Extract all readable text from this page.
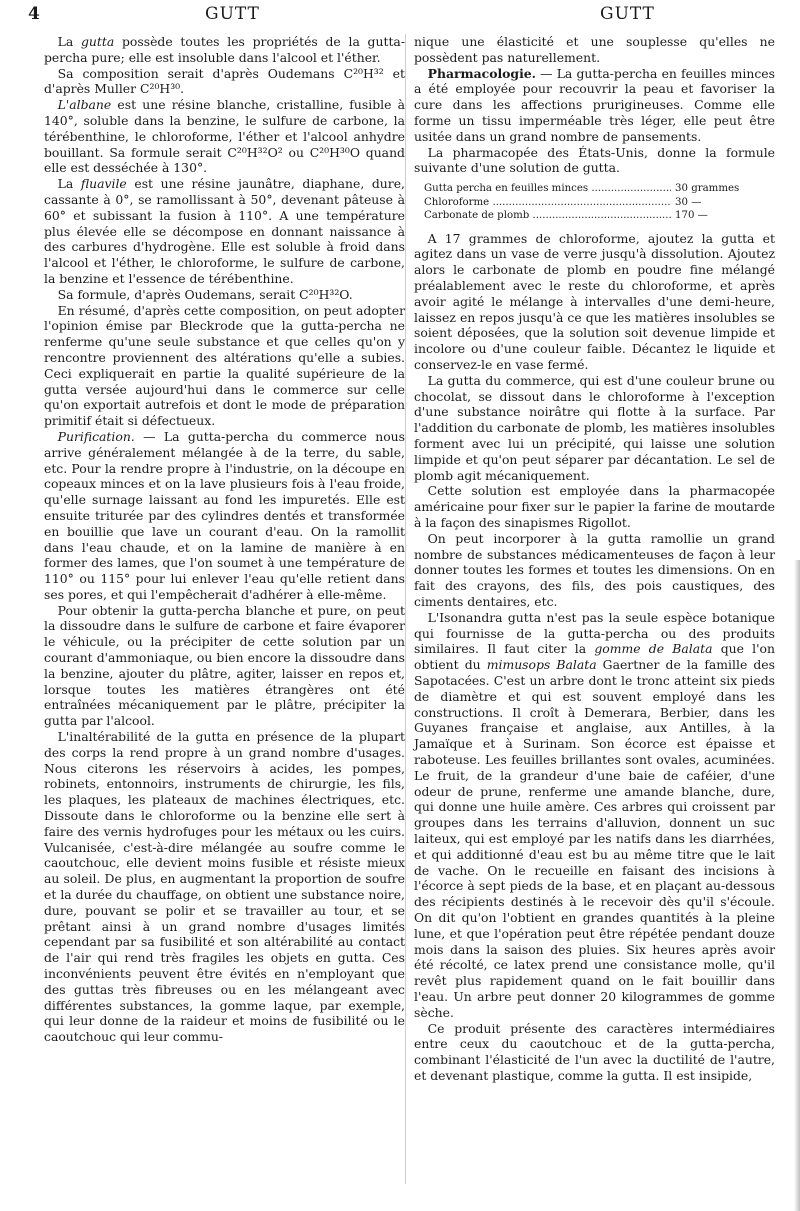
4	GUTT	GUTT

La gutta possède toutes les propriétés de la gutta-percha pure; elle est insoluble dans l'alcool et l'éther.

Sa composition serait d'après Oudemans C²⁰H³² et d'après Muller C²⁰H³⁰.

L'albane est une résine blanche, cristalline, fusible à 140°, soluble dans la benzine, le sulfure de carbone, la térébenthine, le chloroforme, l'éther et l'alcool anhydre bouillant. Sa formule serait C²⁰H³²O² ou C²⁰H³⁰O quand elle est desséchée à 130°.

La fluavile est une résine jaunâtre, diaphane, dure, cassante à 0°, se ramollissant à 50°, devenant pâteuse à 60° et subissant la fusion à 110°. A une température plus élevée elle se décompose en donnant naissance à des carbures d'hydrogène. Elle est soluble à froid dans l'alcool et l'éther, le chloroforme, le sulfure de carbone, la benzine et l'essence de térébenthine.

Sa formule, d'après Oudemans, serait C²⁰H³²O.

En résumé, d'après cette composition, on peut adopter l'opinion émise par Bleckrode que la gutta-percha ne renferme qu'une seule substance et que celles qu'on y rencontre proviennent des altérations qu'elle a subies. Ceci expliquerait en partie la qualité supérieure de la gutta versée aujourd'hui dans le commerce sur celle qu'on exportait autrefois et dont le mode de préparation primitif était si défectueux.

Purification. — La gutta-percha du commerce nous arrive généralement mélangée à de la terre, du sable, etc. Pour la rendre propre à l'industrie, on la découpe en copeaux minces et on la lave plusieurs fois à l'eau froide, qu'elle surnage laissant au fond les impuretés. Elle est ensuite triturée par des cylindres dentés et transformée en bouillie que lave un courant d'eau. On la ramollit dans l'eau chaude, et on la lamine de manière à en former des lames, que l'on soumet à une température de 110° ou 115° pour lui enlever l'eau qu'elle retient dans ses pores, et qui l'empêcherait d'adhérer à elle-même.

Pour obtenir la gutta-percha blanche et pure, on peut la dissoudre dans le sulfure de carbone et faire évaporer le véhicule, ou la précipiter de cette solution par un courant d'ammoniaque, ou bien encore la dissoudre dans la benzine, ajouter du plâtre, agiter, laisser en repos et, lorsque toutes les matières étrangères ont été entraînées mécaniquement par le plâtre, précipiter la gutta par l'alcool.

L'inaltérabilité de la gutta en présence de la plupart des corps la rend propre à un grand nombre d'usages. Nous citerons les réservoirs à acides, les pompes, robinets, entonnoirs, instruments de chirurgie, les fils, les plaques, les plateaux de machines électriques, etc. Dissoute dans le chloroforme ou la benzine elle sert à faire des vernis hydrofuges pour les métaux ou les cuirs. Vulcanisée, c'est-à-dire mélangée au soufre comme le caoutchouc, elle devient moins fusible et résiste mieux au soleil. De plus, en augmentant la proportion de soufre et la durée du chauffage, on obtient une substance noire, dure, pouvant se polir et se travailler au tour, et se prêtant ainsi à un grand nombre d'usages limités cependant par sa fusibilité et son altérabilité au contact de l'air qui rend très fragiles les objets en gutta. Ces inconvénients peuvent être évités en n'employant que des guttas très fibreuses ou en les mélangeant avec différentes substances, la gomme laque, par exemple, qui leur donne de la raideur et moins de fusibilité ou le caoutchouc qui leur commu-

nique une élasticité et une souplesse qu'elles ne possèdent pas naturellement.

Pharmacologie. — La gutta-percha en feuilles minces a été employée pour recouvrir la peau et favoriser la cure dans les affections prurigineuses. Comme elle forme un tissu imperméable très léger, elle peut être usitée dans un grand nombre de pansements.

La pharmacopée des États-Unis, donne la formule suivante d'une solution de gutta.

Gutta percha en feuilles minces .....	30 grammes
Chloroforme .....	30 —
Carbonate de plomb .....	170 —

A 17 grammes de chloroforme, ajoutez la gutta et agitez dans un vase de verre jusqu'à dissolution. Ajoutez alors le carbonate de plomb en poudre fine mélangé préalablement avec le reste du chloroforme, et après avoir agité le mélange à intervalles d'une demi-heure, laissez en repos jusqu'à ce que les matières insolubles se soient déposées, que la solution soit devenue limpide et incolore ou d'une couleur faible. Décantez le liquide et conservez-le en vase fermé.

La gutta du commerce, qui est d'une couleur brune ou chocolat, se dissout dans le chloroforme à l'exception d'une substance noirâtre qui flotte à la surface. Par l'addition du carbonate de plomb, les matières insolubles forment avec lui un précipité, qui laisse une solution limpide et qu'on peut séparer par décantation. Le sel de plomb agit mécaniquement.

Cette solution est employée dans la pharmacopée américaine pour fixer sur le papier la farine de moutarde à la façon des sinapismes Rigollot.

On peut incorporer à la gutta ramollie un grand nombre de substances médicamenteuses de façon à leur donner toutes les formes et toutes les dimensions. On en fait des crayons, des fils, des pois caustiques, des ciments dentaires, etc.

L'Isonandra gutta n'est pas la seule espèce botanique qui fournisse de la gutta-percha ou des produits similaires. Il faut citer la gomme de Balata que l'on obtient du mimusops Balata Gaertner de la famille des Sapotacées. C'est un arbre dont le tronc atteint six pieds de diamètre et qui est souvent employé dans les constructions. Il croît à Demerara, Berbier, dans les Guyanes française et anglaise, aux Antilles, à la Jamaïque et à Surinam. Son écorce est épaisse et raboteuse. Les feuilles brillantes sont ovales, acuminées. Le fruit, de la grandeur d'une baie de caféier, d'une odeur de prune, renferme une amande blanche, dure, qui donne une huile amère. Ces arbres qui croissent par groupes dans les terrains d'alluvion, donnent un suc laiteux, qui est employé par les natifs dans les diarrhées, et qui additionné d'eau est bu au même titre que le lait de vache. On le recueille en faisant des incisions à l'écorce à sept pieds de la base, et en plaçant au-dessous des récipients destinés à le recevoir dès qu'il s'écoule. On dit qu'on l'obtient en grandes quantités à la pleine lune, et que l'opération peut être répétée pendant douze mois dans la saison des pluies. Six heures après avoir été récolté, ce latex prend une consistance molle, qu'il revêt plus rapidement quand on le fait bouillir dans l'eau. Un arbre peut donner 20 kilogrammes de gomme sèche.

Ce produit présente des caractères intermédiaires entre ceux du caoutchouc et de la gutta-percha, combinant l'élasticité de l'un avec la ductilité de l'autre, et devenant plastique, comme la gutta. Il est insipide,
